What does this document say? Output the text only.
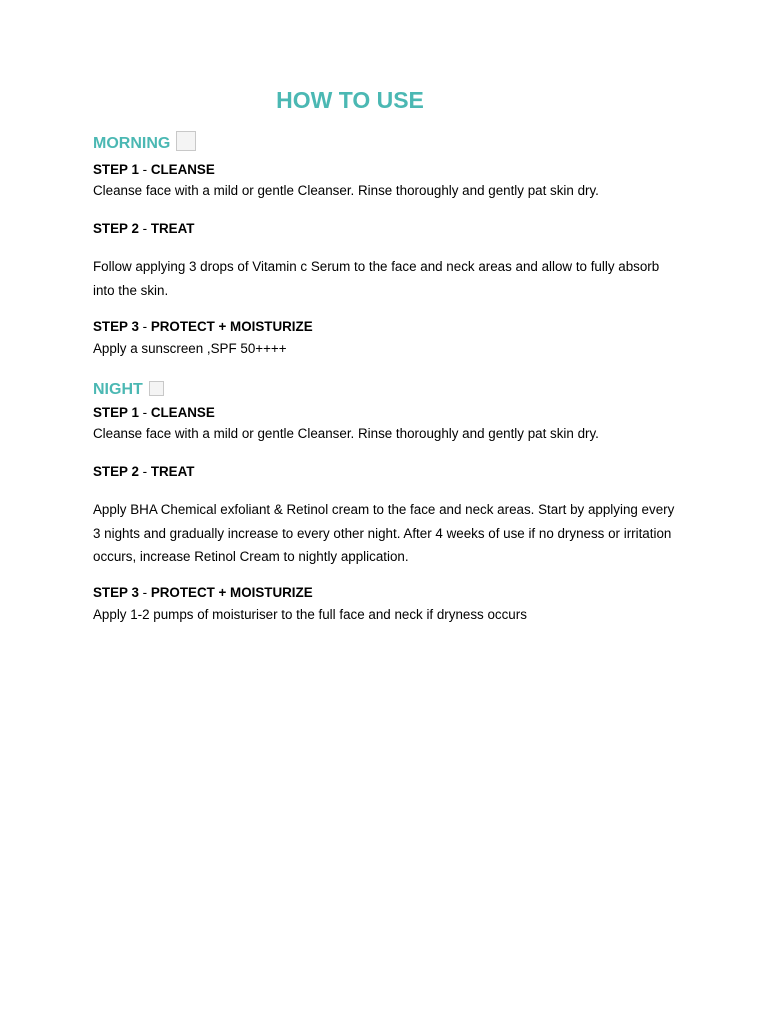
HOW TO USE
MORNING
STEP 1 - CLEANSE
Cleanse face with a mild or gentle Cleanser. Rinse thoroughly and gently pat skin dry.
STEP 2 - TREAT
Follow applying 3 drops of Vitamin c Serum to the face and neck areas and allow to fully absorb into the skin.
STEP 3 - PROTECT + MOISTURIZE
Apply a sunscreen ,SPF 50++++
NIGHT
STEP 1 - CLEANSE
Cleanse face with a mild or gentle Cleanser. Rinse thoroughly and gently pat skin dry.
STEP 2 - TREAT
Apply BHA Chemical exfoliant & Retinol cream to the face and neck areas. Start by applying every 3 nights and gradually increase to every other night. After 4 weeks of use if no dryness or irritation occurs, increase Retinol Cream to nightly application.
STEP 3 - PROTECT + MOISTURIZE
Apply 1-2 pumps of moisturiser to the full face and neck if dryness occurs
